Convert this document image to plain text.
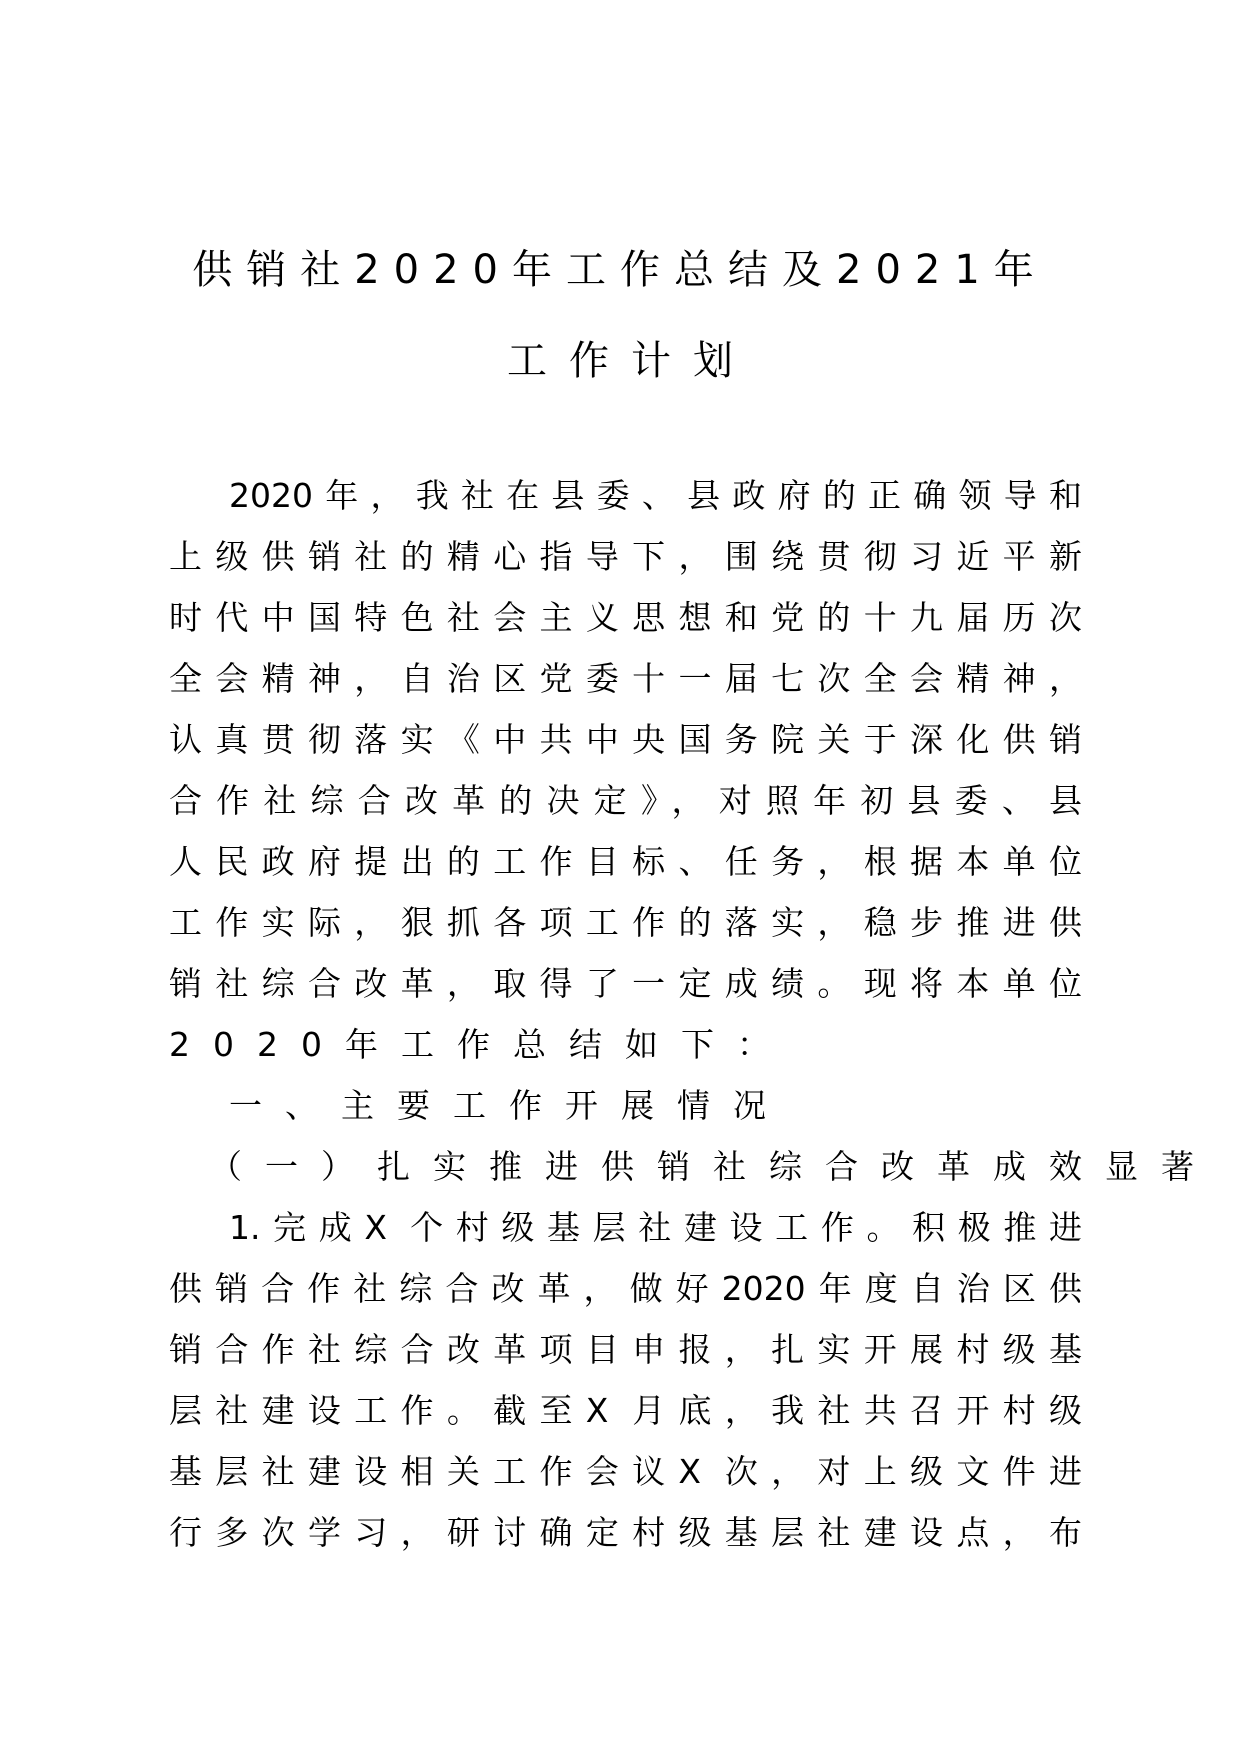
供销社2020年工作总结及2021年
工作计划
2020年，我社在县委、县政府的正确领导和
上级供销社的精心指导下，围绕贯彻习近平新
时代中国特色社会主义思想和党的十九届历次
全会精神，自治区党委十一届七次全会精神，
认真贯彻落实《中共中央国务院关于深化供销
合作社综合改革的决定》，对照年初县委、县
人民政府提出的工作目标、任务，根据本单位
工作实际，狠抓各项工作的落实，稳步推进供
销社综合改革，取得了一定成绩。现将本单位
2020年工作总结如下：
一、主要工作开展情况
（一）扎实推进供销社综合改革成效显著
1.完成X 个村级基层社建设工作。积极推进
供销合作社综合改革，做好2020年度自治区供
销合作社综合改革项目申报，扎实开展村级基
层社建设工作。截至X 月底，我社共召开村级
基层社建设相关工作会议X 次，对上级文件进
行多次学习，研讨确定村级基层社建设点，布
